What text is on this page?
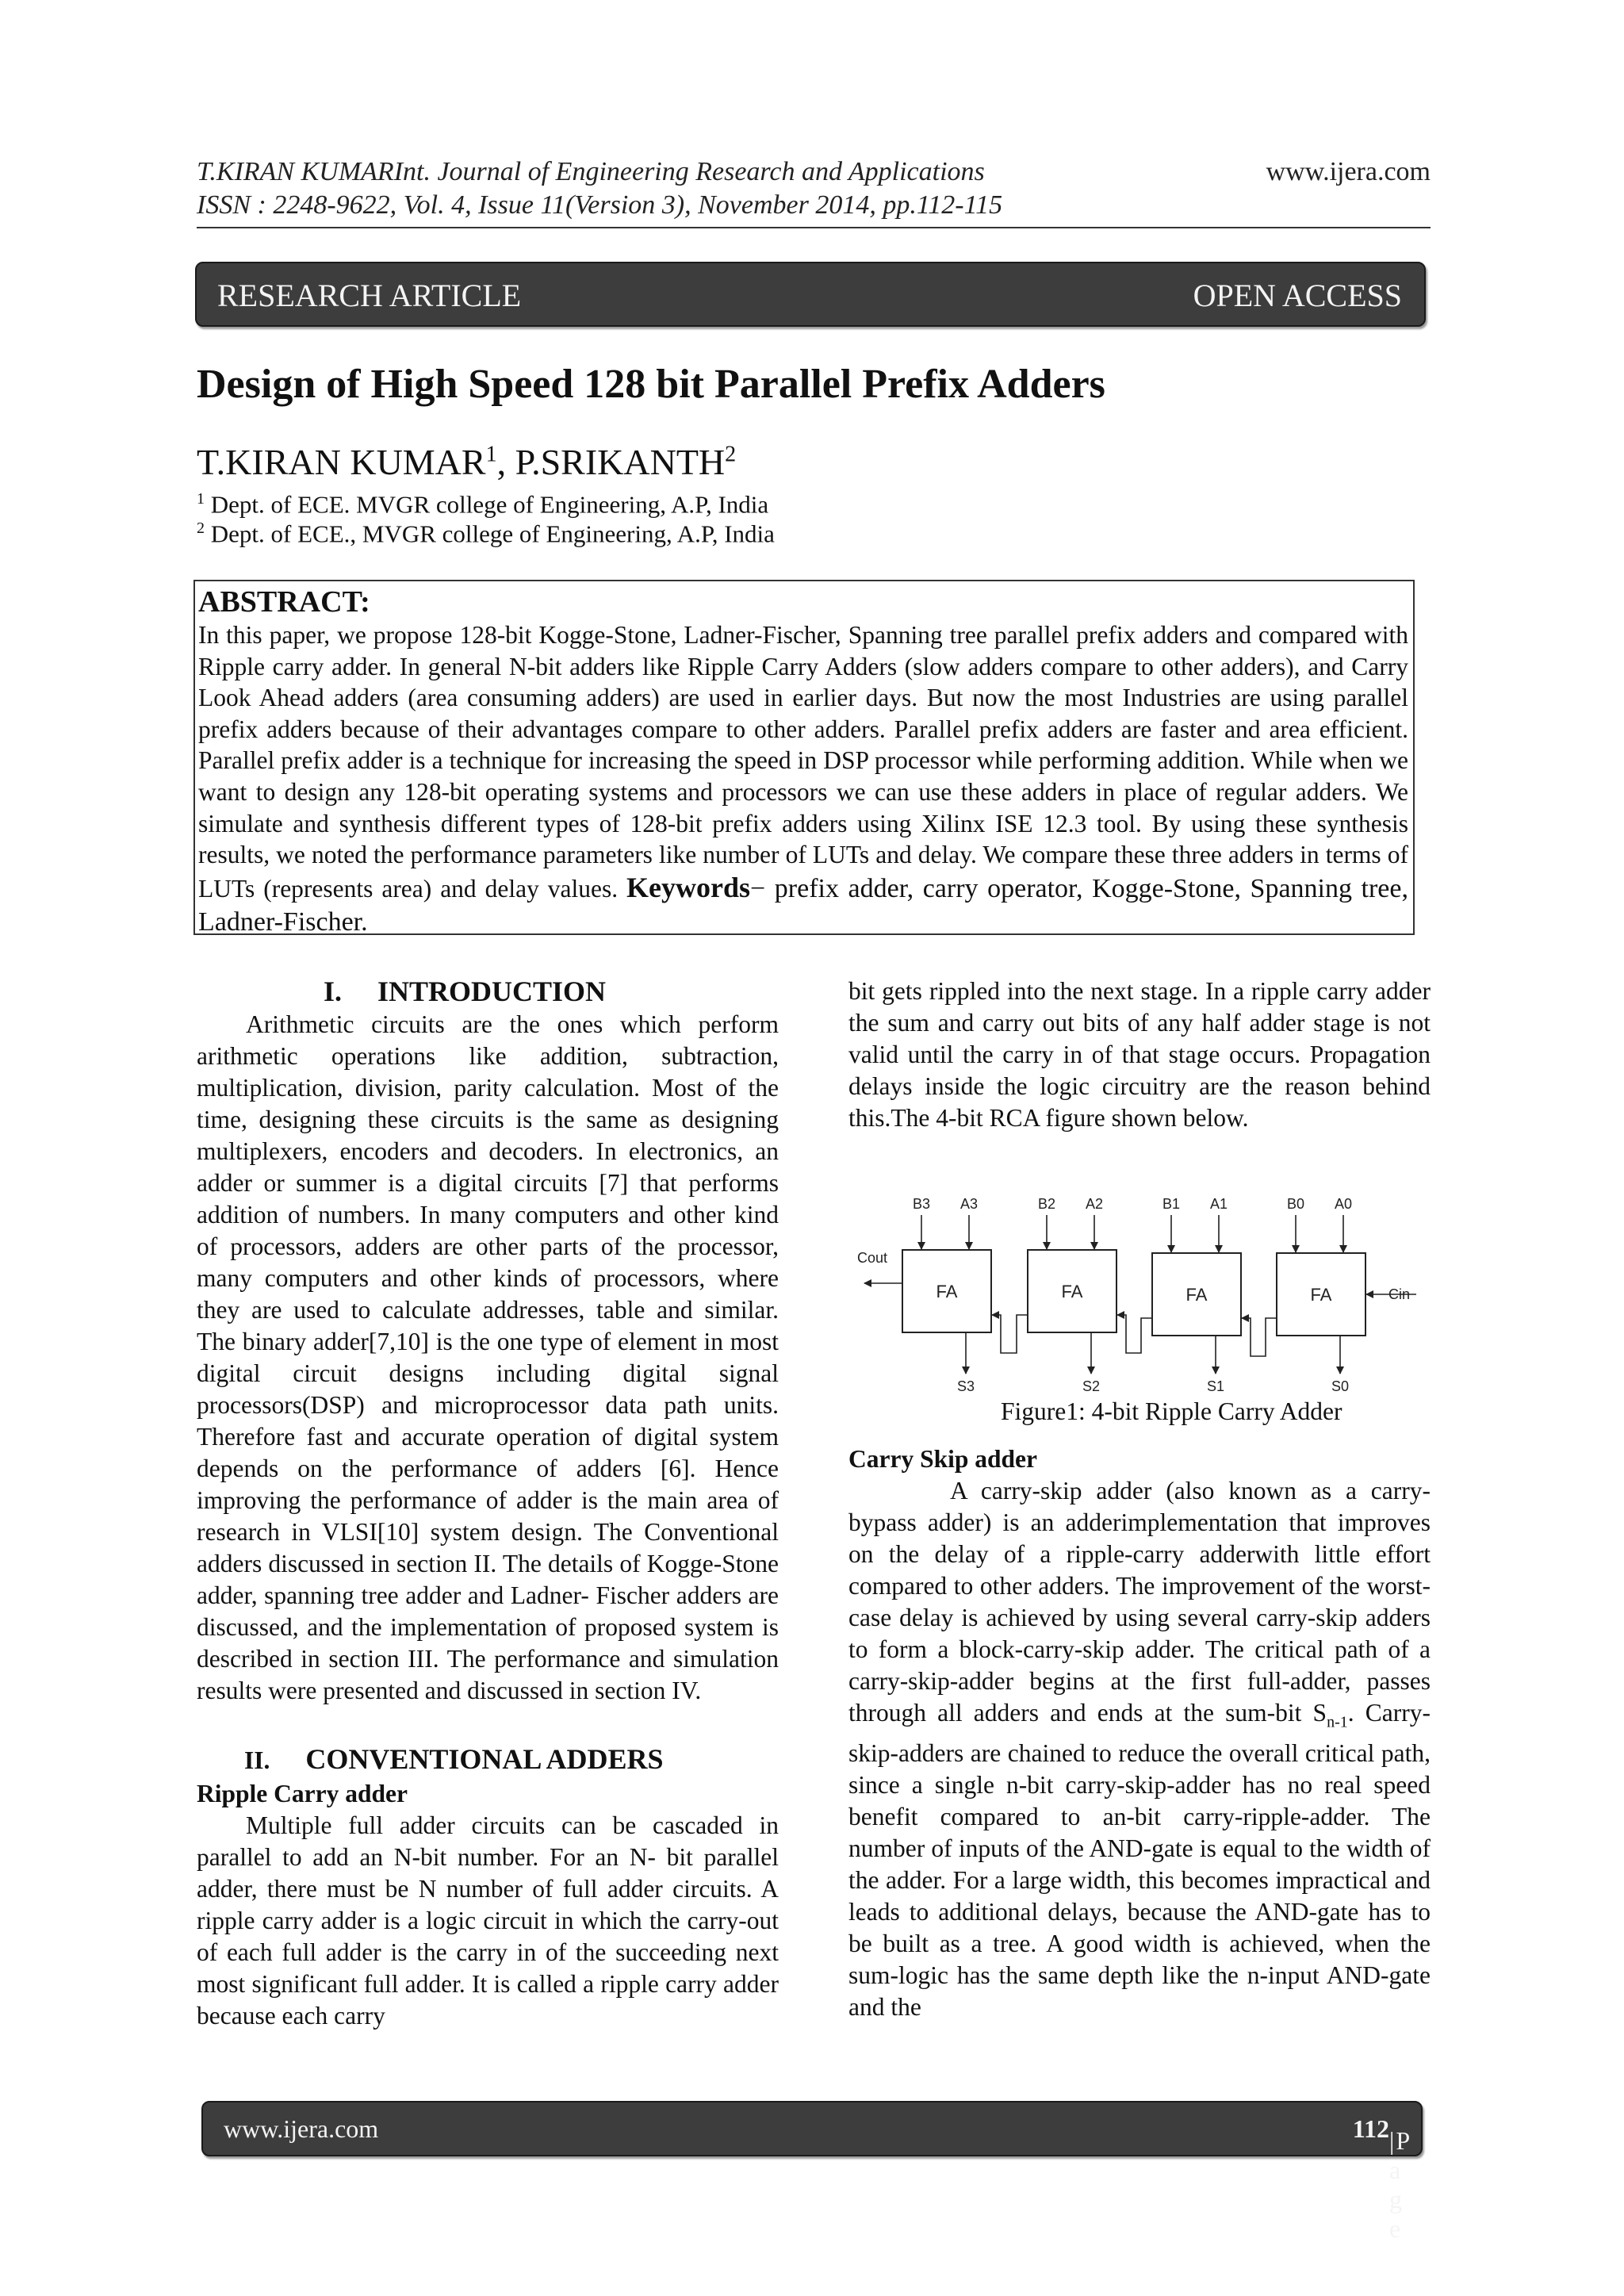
T.KIRAN KUMARInt. Journal of Engineering Research and Applications
ISSN : 2248-9622, Vol. 4, Issue 11(Version 3), November 2014, pp.112-115
www.ijera.com
RESEARCH ARTICLE	OPEN ACCESS
Design of High Speed 128 bit Parallel Prefix Adders
T.KIRAN KUMAR$^1$, P.SRIKANTH$^2$
$^1$ Dept. of ECE. MVGR college of Engineering, A.P, India
$^2$ Dept. of ECE., MVGR college of Engineering, A.P, India
ABSTRACT:
In this paper, we propose 128-bit Kogge-Stone, Ladner-Fischer, Spanning tree parallel prefix adders and compared with Ripple carry adder. In general N-bit adders like Ripple Carry Adders (slow adders compare to other adders), and Carry Look Ahead adders (area consuming adders) are used in earlier days. But now the most Industries are using parallel prefix adders because of their advantages compare to other adders. Parallel prefix adders are faster and area efficient. Parallel prefix adder is a technique for increasing the speed in DSP processor while performing addition. While when we want to design any 128-bit operating systems and processors we can use these adders in place of regular adders. We simulate and synthesis different types of 128-bit prefix adders using Xilinx ISE 12.3 tool. By using these synthesis results, we noted the performance parameters like number of LUTs and delay. We compare these three adders in terms of LUTs (represents area) and delay values. Keywords− prefix adder, carry operator, Kogge-Stone, Spanning tree, Ladner-Fischer.
I. INTRODUCTION

Arithmetic circuits are the ones which perform arithmetic operations like addition, subtraction, multiplication, division, parity calculation. Most of the time, designing these circuits is the same as designing multiplexers, encoders and decoders. In electronics, an adder or summer is a digital circuits [7] that performs addition of numbers. In many computers and other kind of processors, adders are other parts of the processor, many computers and other kinds of processors, where they are used to calculate addresses, table and similar. The binary adder[7,10] is the one type of element in most digital circuit designs including digital signal processors(DSP) and microprocessor data path units. Therefore fast and accurate operation of digital system depends on the performance of adders [6]. Hence improving the performance of adder is the main area of research in VLSI[10] system design. The Conventional adders discussed in section II. The details of Kogge-Stone adder, spanning tree adder and Ladner- Fischer adders are discussed, and the implementation of proposed system is described in section III. The performance and simulation results were presented and discussed in section IV.

II. CONVENTIONAL ADDERS
Ripple Carry adder

Multiple full adder circuits can be cascaded in parallel to add an N-bit number. For an N- bit parallel adder, there must be N number of full adder circuits. A ripple carry adder is a logic circuit in which the carry-out of each full adder is the carry in of the succeeding next most significant full adder. It is called a ripple carry adder because each carry

bit gets rippled into the next stage. In a ripple carry adder the sum and carry out bits of any half adder stage is not valid until the carry in of that stage occurs. Propagation delays inside the logic circuitry are the reason behind this.The 4-bit RCA figure shown below.

FA
B3 A3
S3
FA
B2 A2
S2
FA
B1 A1
S1
FA
B0 A0
S0
Cout
Cin
Figure1: 4-bit Ripple Carry Adder
Carry Skip adder

A carry-skip adder (also known as a carry-bypass adder) is an adderimplementation that improves on the delay of a ripple-carry adderwith little effort compared to other adders. The improvement of the worst-case delay is achieved by using several carry-skip adders to form a block-carry-skip adder. The critical path of a carry-skip-adder begins at the first full-adder, passes through all adders and ends at the sum-bit $S_{n-1}$. Carry-skip-adders are chained to reduce the overall critical path, since a single n-bit carry-skip-adder has no real speed benefit compared to an-bit carry-ripple-adder. The number of inputs of the AND-gate is equal to the width of the adder. For a large width, this becomes impractical and leads to additional delays, because the AND-gate has to be built as a tree. A good width is achieved, when the sum-logic has the same depth like the n-input AND-gate and the

www.ijera.com	112 |P a g e
